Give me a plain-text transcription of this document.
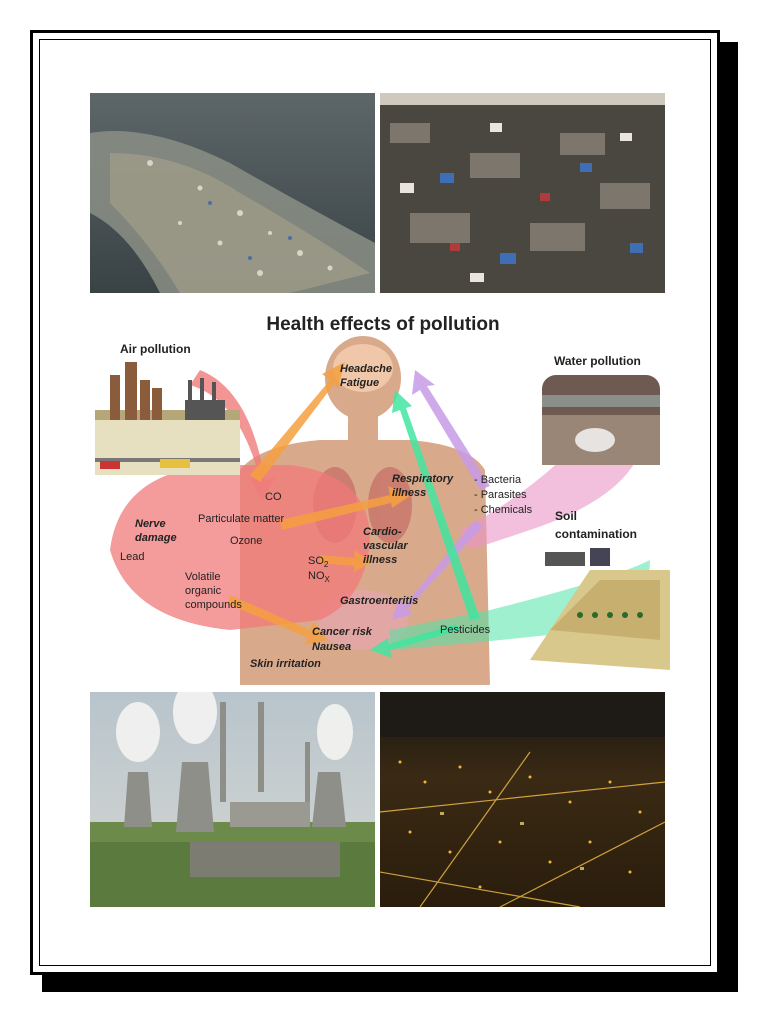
Health effects of pollution
Air pollution
Water pollution
Soil
contamination
CO
Particulate matter
Ozone
Nerve
damage
Lead
Volatile
organic
compounds
$SO_2$
$NO_X$
- Bacteria
- Parasites
- Chemicals
Pesticides
Headache
Fatigue
Respiratory
illness
Cardio-
vascular
illness
Gastroenteritis
Cancer risk
Nausea
Skin irritation
